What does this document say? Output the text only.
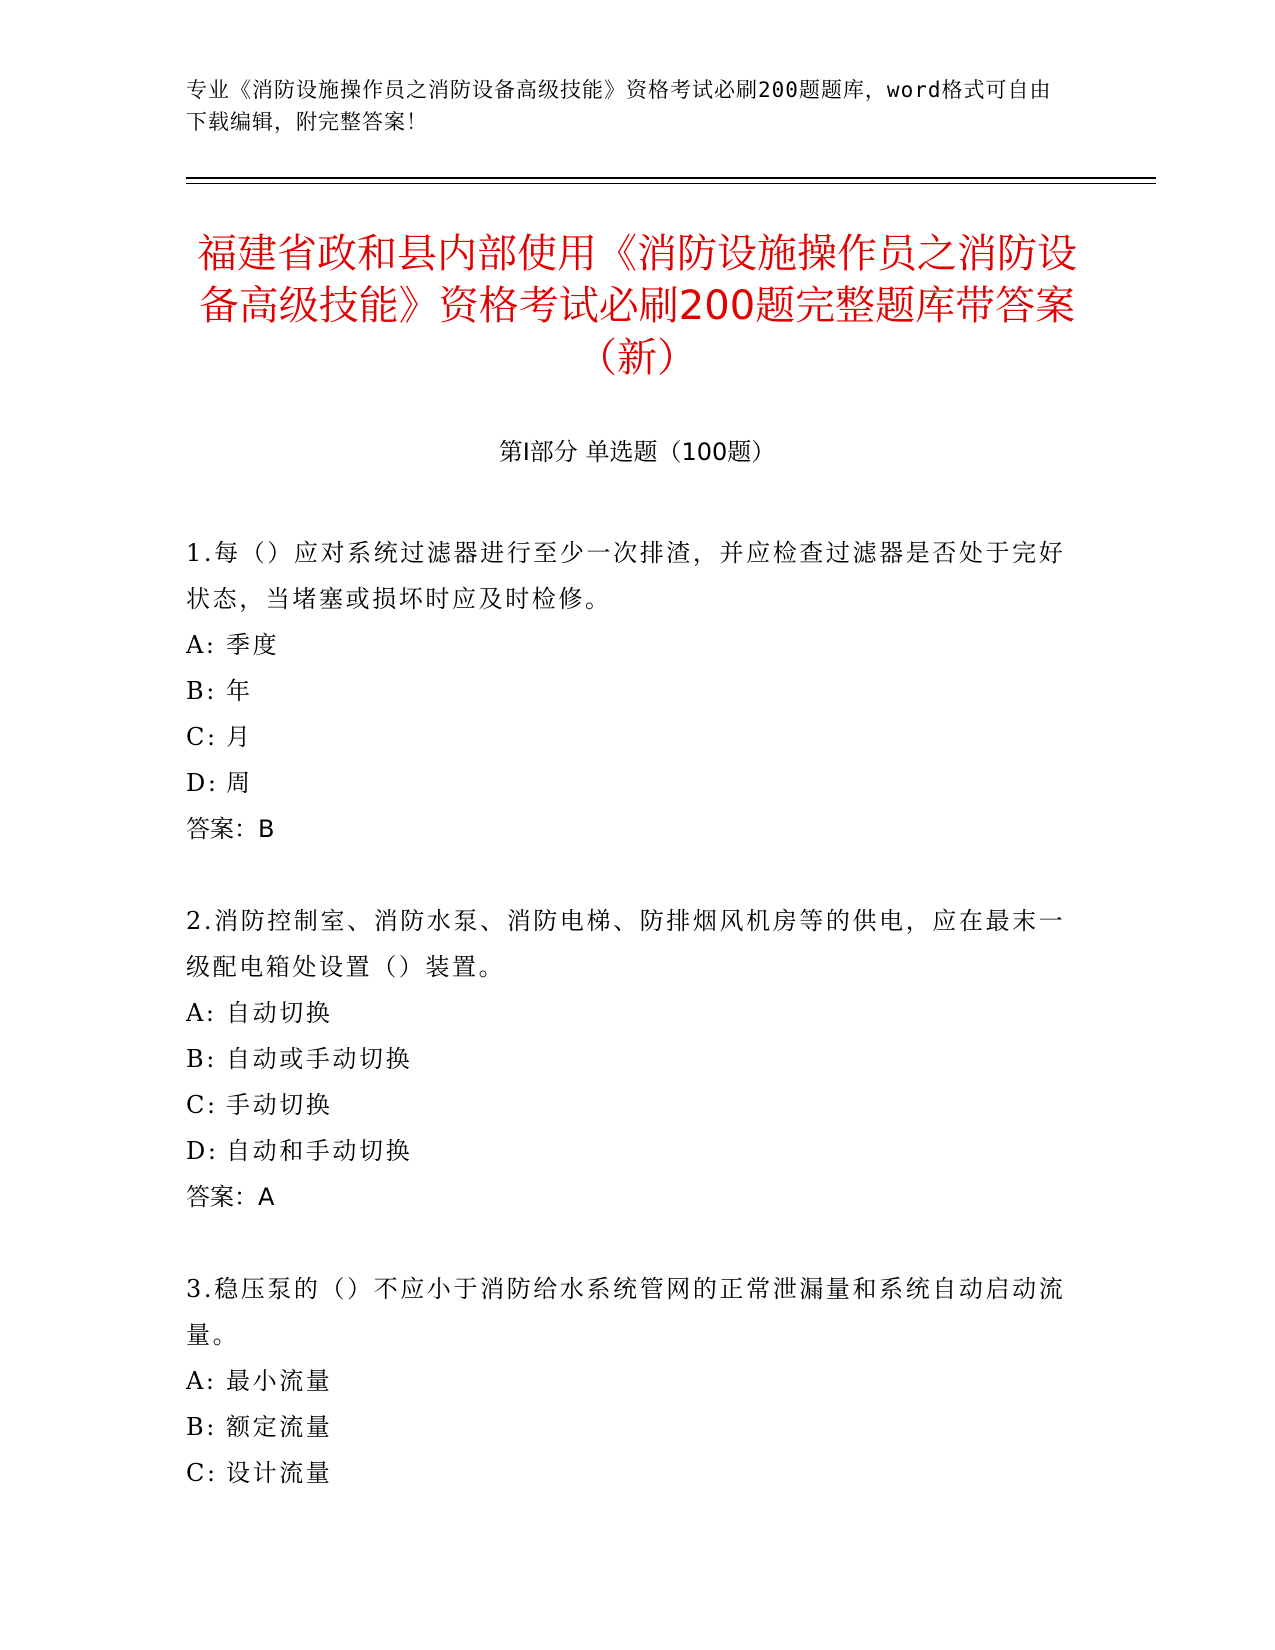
专业《消防设施操作员之消防设备高级技能》资格考试必刷200题题库，word格式可自由下载编辑，附完整答案！
福建省政和县内部使用《消防设施操作员之消防设备高级技能》资格考试必刷200题完整题库带答案（新）
第Ⅰ部分 单选题（100题）
1.每（）应对系统过滤器进行至少一次排渣，并应检查过滤器是否处于完好状态，当堵塞或损坏时应及时检修。
A: 季度
B: 年
C: 月
D: 周
答案：B
2.消防控制室、消防水泵、消防电梯、防排烟风机房等的供电，应在最末一级配电箱处设置（）装置。
A: 自动切换
B: 自动或手动切换
C: 手动切换
D: 自动和手动切换
答案：A
3.稳压泵的（）不应小于消防给水系统管网的正常泄漏量和系统自动启动流量。
A: 最小流量
B: 额定流量
C: 设计流量
